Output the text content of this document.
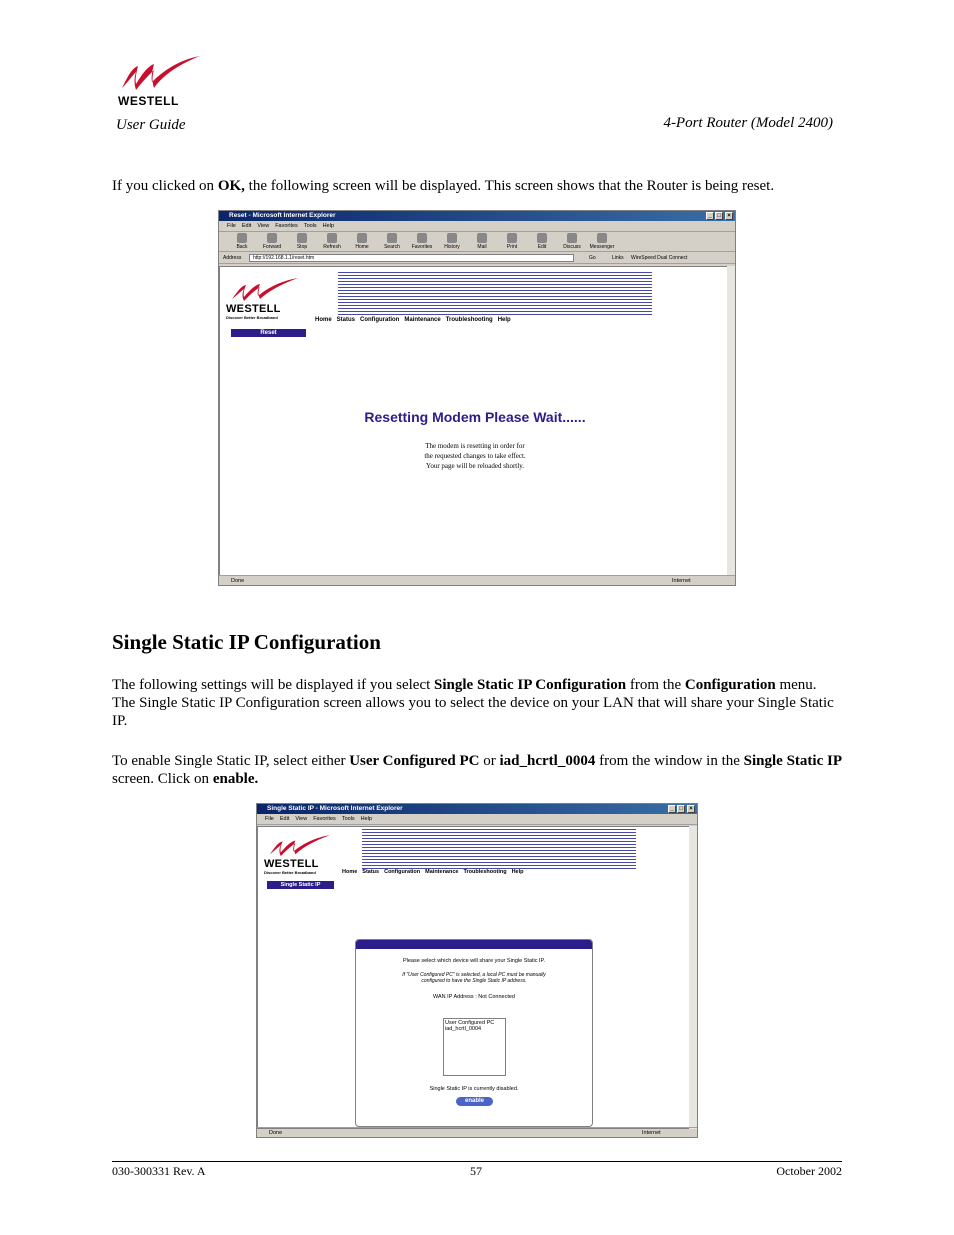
WESTELL
User Guide	4-Port Router (Model 2400)
If you clicked on OK, the following screen will be displayed. This screen shows that the Router is being reset.
Reset - Microsoft Internet Explorer	_ □	×
File Edit View Favorites Tools Help
Back	Forward	Stop	Refresh	Home	Search	Favorites	History	Mail	Print	Edit	Discuss	Messenger
Address	http://192.168.1.1/reset.htm	Go	Links WireSpeed Dual Connect
WESTELL
Discover Better Broadband	Home Status Configuration Maintenance Troubleshooting Help
Reset
Resetting Modem Please Wait......
The modem is resetting in order for
the requested changes to take effect.
Your page will be reloaded shortly.
Done	Internet
Single Static IP Configuration
The following settings will be displayed if you select Single Static IP Configuration from the Configuration menu. The Single Static IP Configuration screen allows you to select the device on your LAN that will share your Single Static IP.
To enable Single Static IP, select either User Configured PC or iad_hcrtl_0004 from the window in the Single Static IP screen. Click on enable.
Single Static IP - Microsoft Internet Explorer	_ □	×
File Edit View Favorites Tools Help
WESTELL
Discover Better Broadband	Home Status Configuration Maintenance Troubleshooting Help
Single Static IP
Please select which device will share your Single Static IP.
If "User Configured PC" is selected, a local PC must be manually
configured to have the Single Static IP address.
WAN IP Address : Not Connected
User Configured PC
iad_hcrtl_0004
Single Static IP is currently disabled.
enable
Done	Internet
030-300331 Rev. A	57	October 2002
